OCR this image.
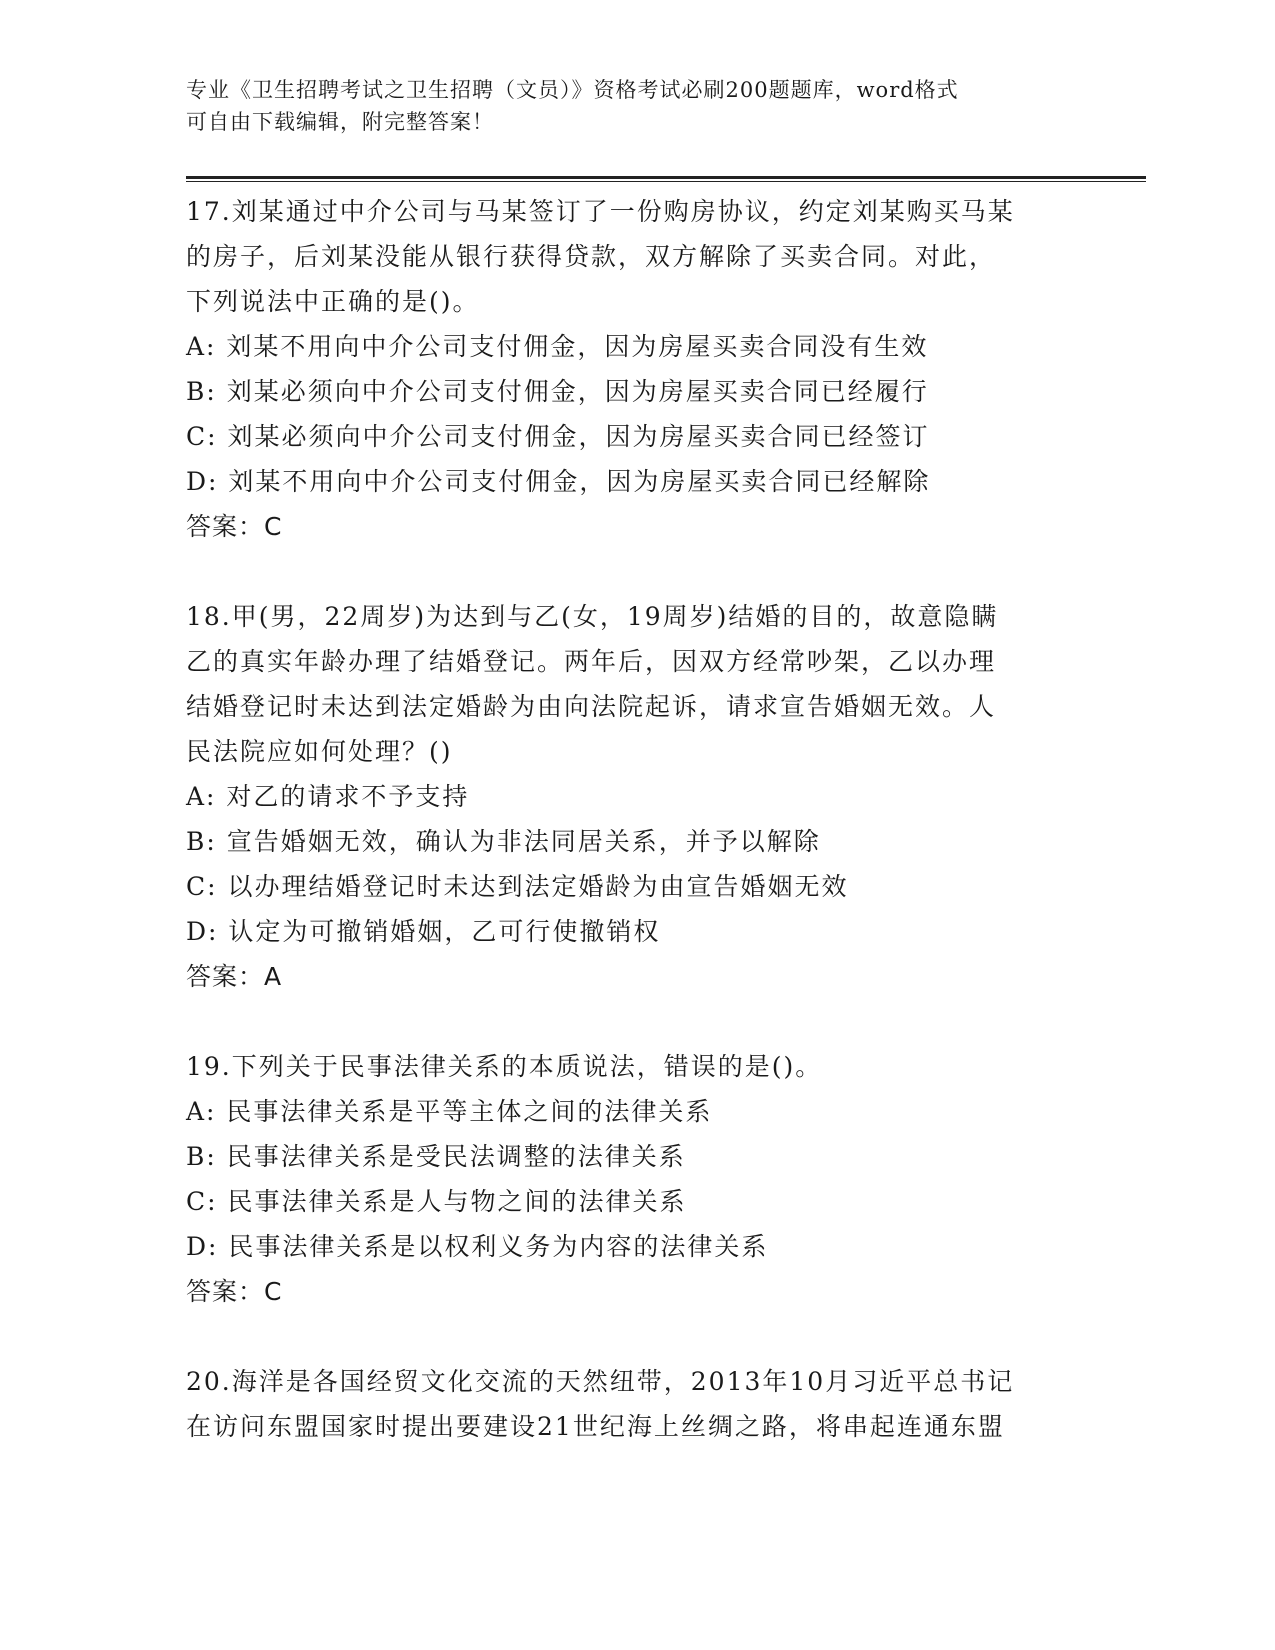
专业《卫生招聘考试之卫生招聘（文员）》资格考试必刷200题题库，word格式
可自由下载编辑，附完整答案！
17.刘某通过中介公司与马某签订了一份购房协议，约定刘某购买马某
的房子，后刘某没能从银行获得贷款，双方解除了买卖合同。对此，
下列说法中正确的是()。
A: 刘某不用向中介公司支付佣金，因为房屋买卖合同没有生效
B: 刘某必须向中介公司支付佣金，因为房屋买卖合同已经履行
C: 刘某必须向中介公司支付佣金，因为房屋买卖合同已经签订
D: 刘某不用向中介公司支付佣金，因为房屋买卖合同已经解除
答案：C
18.甲(男，22周岁)为达到与乙(女，19周岁)结婚的目的，故意隐瞒
乙的真实年龄办理了结婚登记。两年后，因双方经常吵架，乙以办理
结婚登记时未达到法定婚龄为由向法院起诉，请求宣告婚姻无效。人
民法院应如何处理？()
A: 对乙的请求不予支持
B: 宣告婚姻无效，确认为非法同居关系，并予以解除
C: 以办理结婚登记时未达到法定婚龄为由宣告婚姻无效
D: 认定为可撤销婚姻，乙可行使撤销权
答案：A
19.下列关于民事法律关系的本质说法，错误的是()。
A: 民事法律关系是平等主体之间的法律关系
B: 民事法律关系是受民法调整的法律关系
C: 民事法律关系是人与物之间的法律关系
D: 民事法律关系是以权利义务为内容的法律关系
答案：C
20.海洋是各国经贸文化交流的天然纽带，2013年10月习近平总书记
在访问东盟国家时提出要建设21世纪海上丝绸之路，将串起连通东盟
